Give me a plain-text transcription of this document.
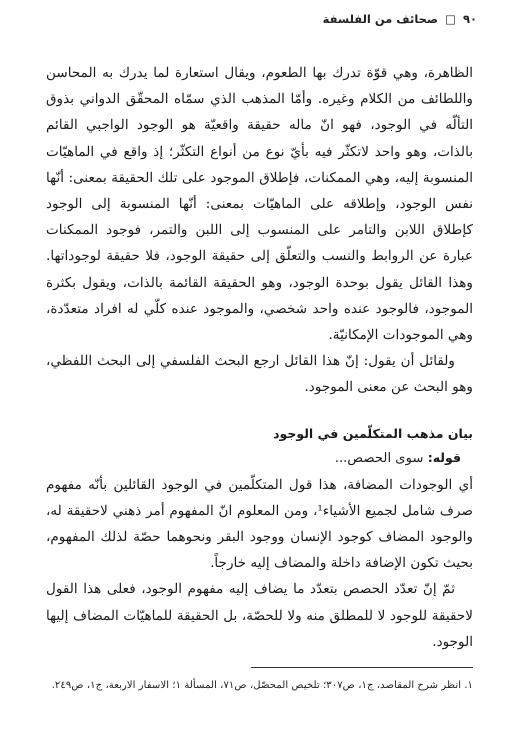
٩٠ □ صحائف من الفلسفة

الظاهرة، وهي قوّة تدرك بها الطعوم، ويقال استعارة لما يدرك به المحاسن واللطائف من الكلام وغيره. وأمّا المذهب الذي سمّاه المحقّق الدواني بذوق التألّه في الوجود، فهو انّ ماله حقيقة واقعيّة هو الوجود الواجبي القائم بالذات، وهو واحد لاتكثّر فيه بأيّ نوع من أنواع التكثّر؛ إذ واقع في الماهيّات المنسوبة إليه، وهي الممكنات، فإطلاق الموجود على تلك الحقيقة بمعنى: أنّها نفس الوجود، وإطلاقه على الماهيّات بمعنى: أنّها المنسوبة إلى الوجود كإطلاق اللابن والتامر على المنسوب إلى اللبن والتمر، فوجود الممكنات عبارة عن الروابط والنسب والتعلّق إلى حقيقة الوجود، فلا حقيقة لوجوداتها. وهذا القائل يقول بوحدة الوجود، وهو الحقيقة القائمة بالذات، ويقول بكثرة الموجود، فالوجود عنده واحد شخصي، والموجود عنده كلّي له افراد متعدّدة، وهي الموجودات الإمكانيّة.

ولقائل أن يقول: إنّ هذا القائل ارجع البحث الفلسفي إلى البحث اللفظي، وهو البحث عن معنى الموجود.

بيان مذهب المتكلّمين في الوجود

قوله: سوى الحصص...

أي الوجودات المضافة، هذا قول المتكلّمين في الوجود القائلين بأنّه مفهوم صرف شامل لجميع الأشياء¹، ومن المعلوم انّ المفهوم أمر ذهني لاحقيقة له، والوجود المضاف كوجود الإنسان ووجود البقر ونحوهما حصّة لذلك المفهوم، بحيث تكون الإضافة داخلة والمضاف إليه خارجاً.

ثمّ إنّ تعدّد الحصص بتعدّد ما يضاف إليه مفهوم الوجود، فعلى هذا القول لاحقيقة للوجود لا للمطلق منه ولا للحصّة، بل الحقيقة للماهيّات المضاف إليها الوجود.

١. انظر شرح المقاصد، ج١، ص٣٠٧؛ تلخيص المحصّل، ص٧١، المسألة ١؛ الاسفار الاربعة، ج١، ص٢٤٩.
